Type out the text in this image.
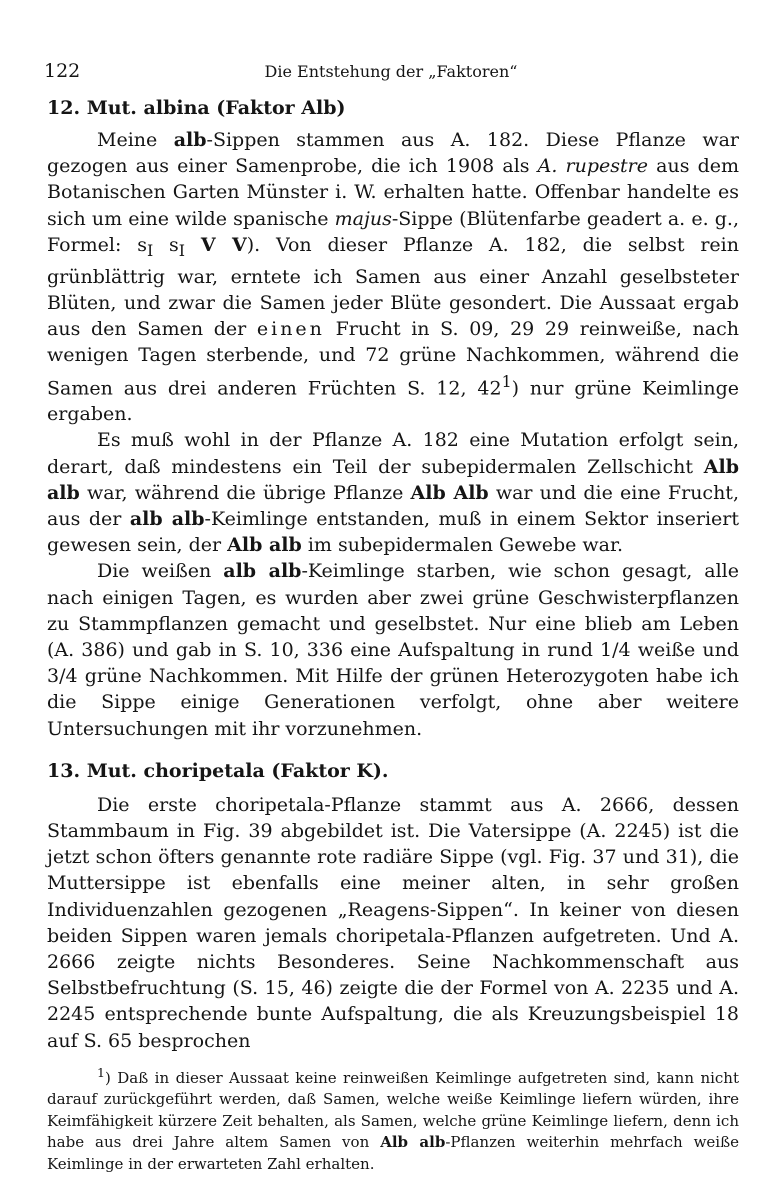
122	Die Entstehung der „Faktoren“
12. Mut. albina (Faktor Alb)

Meine alb-Sippen stammen aus A. 182. Diese Pflanze war gezogen aus einer Samenprobe, die ich 1908 als A. rupestre aus dem Botanischen Garten Münster i. W. erhalten hatte. Offenbar handelte es sich um eine wilde spanische majus-Sippe (Blütenfarbe geadert a. e. g., Formel: $s_I$ $s_I$ V V). Von dieser Pflanze A. 182, die selbst rein grünblättrig war, erntete ich Samen aus einer Anzahl geselbsteter Blüten, und zwar die Samen jeder Blüte gesondert. Die Aussaat ergab aus den Samen der einen Frucht in S. 09, 29 29 reinweiße, nach wenigen Tagen sterbende, und 72 grüne Nachkommen, während die Samen aus drei anderen Früchten S. 12, $42^1$) nur grüne Keimlinge ergaben.

Es muß wohl in der Pflanze A. 182 eine Mutation erfolgt sein, derart, daß mindestens ein Teil der subepidermalen Zellschicht Alb alb war, während die übrige Pflanze Alb Alb war und die eine Frucht, aus der alb alb-Keimlinge entstanden, muß in einem Sektor inseriert gewesen sein, der Alb alb im subepidermalen Gewebe war.

Die weißen alb alb-Keimlinge starben, wie schon gesagt, alle nach einigen Tagen, es wurden aber zwei grüne Geschwisterpflanzen zu Stammpflanzen gemacht und geselbstet. Nur eine blieb am Leben (A. 386) und gab in S. 10, 336 eine Aufspaltung in rund 1/4 weiße und 3/4 grüne Nachkommen. Mit Hilfe der grünen Heterozygoten habe ich die Sippe einige Generationen verfolgt, ohne aber weitere Untersuchungen mit ihr vorzunehmen.

13. Mut. choripetala (Faktor K).

Die erste choripetala-Pflanze stammt aus A. 2666, dessen Stammbaum in Fig. 39 abgebildet ist. Die Vatersippe (A. 2245) ist die jetzt schon öfters genannte rote radiäre Sippe (vgl. Fig. 37 und 31), die Muttersippe ist ebenfalls eine meiner alten, in sehr großen Individuenzahlen gezogenen „Reagens-Sippen“. In keiner von diesen beiden Sippen waren jemals choripetala-Pflanzen aufgetreten. Und A. 2666 zeigte nichts Besonderes. Seine Nachkommenschaft aus Selbstbefruchtung (S. 15, 46) zeigte die der Formel von A. 2235 und A. 2245 entsprechende bunte Aufspaltung, die als Kreuzungsbeispiel 18 auf S. 65 besprochen

$^1$) Daß in dieser Aussaat keine reinweißen Keimlinge aufgetreten sind, kann nicht darauf zurückgeführt werden, daß Samen, welche weiße Keimlinge liefern würden, ihre Keimfähigkeit kürzere Zeit behalten, als Samen, welche grüne Keimlinge liefern, denn ich habe aus drei Jahre altem Samen von Alb alb-Pflanzen weiterhin mehrfach weiße Keimlinge in der erwarteten Zahl erhalten.
